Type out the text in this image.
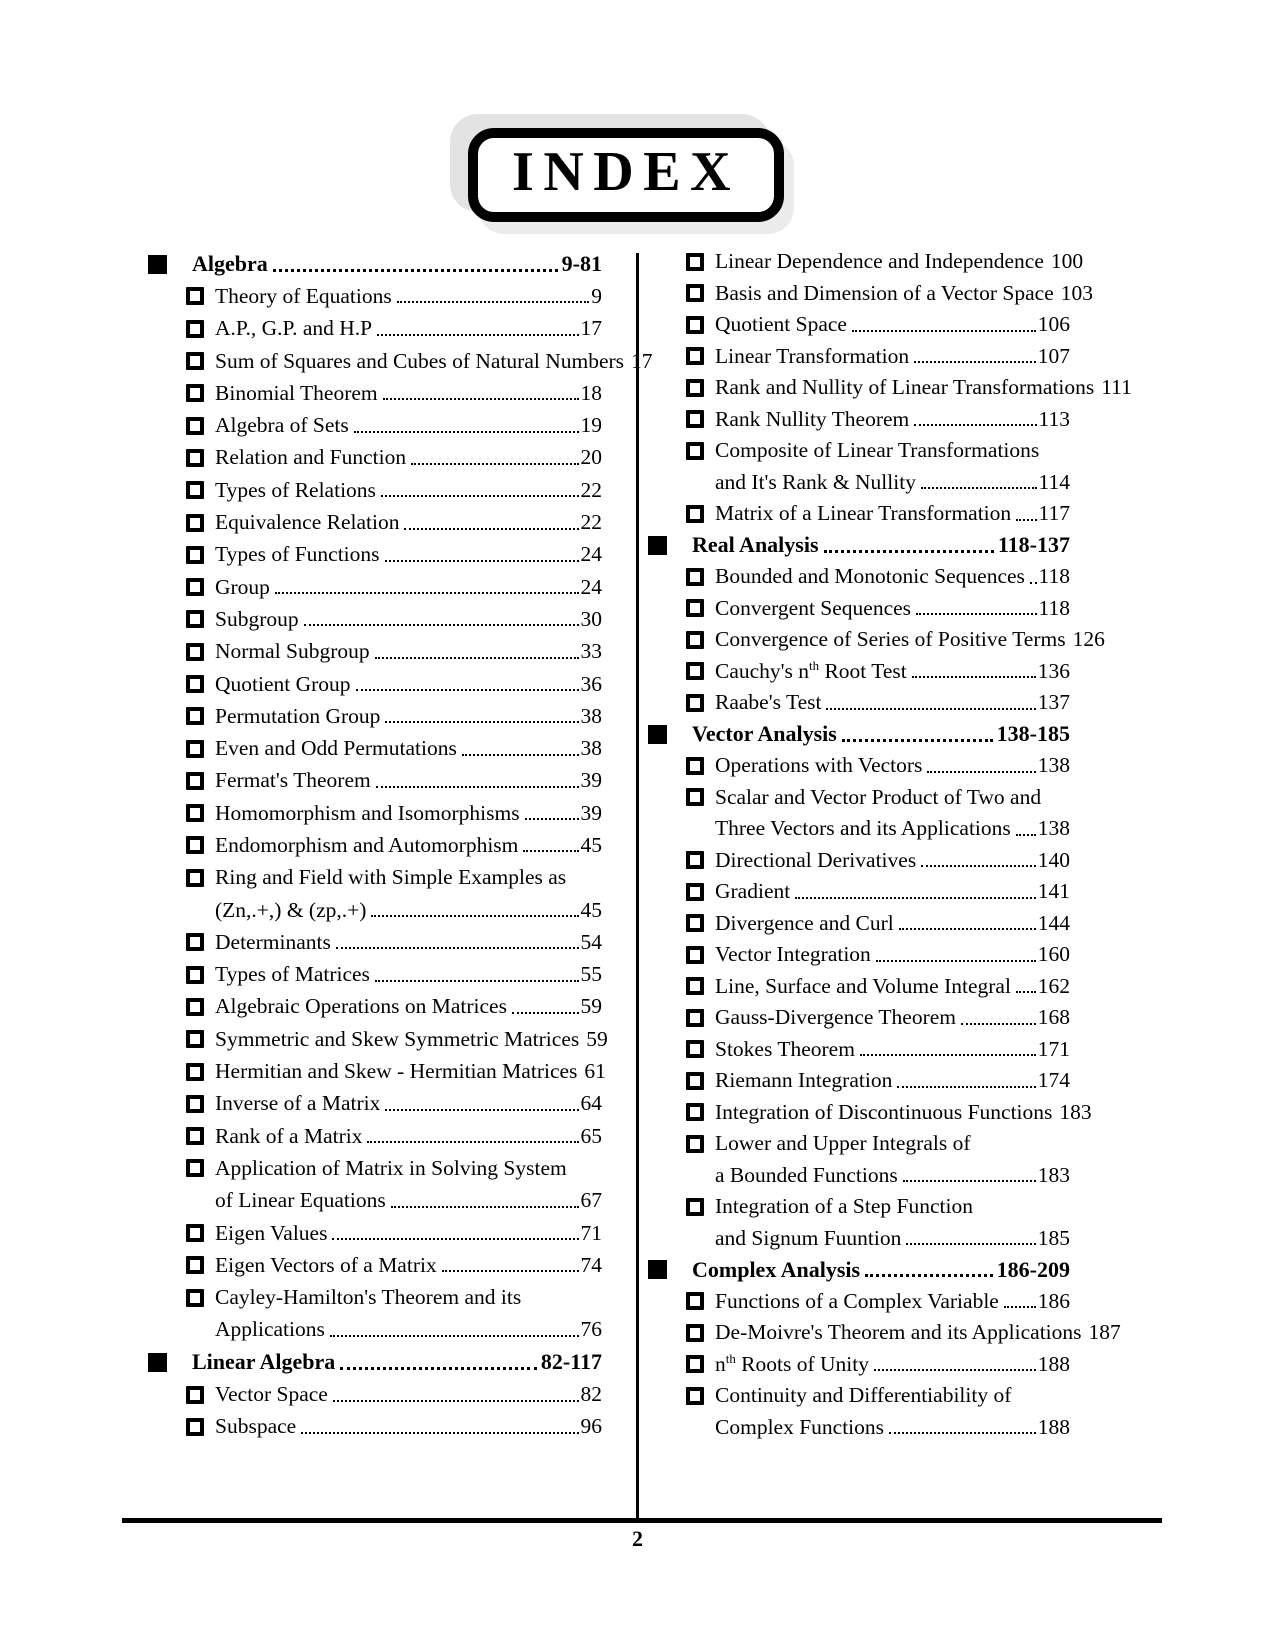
INDEX
Algebra	9-81
Theory of Equations	9
A.P., G.P. and H.P	17
Sum of Squares and Cubes of Natural Numbers 17
Binomial Theorem	18
Algebra of Sets	19
Relation and Function	20
Types of Relations	22
Equivalence Relation	22
Types of Functions	24
Group	24
Subgroup	30
Normal Subgroup	33
Quotient Group	36
Permutation Group	38
Even and Odd Permutations	38
Fermat's Theorem	39
Homomorphism and Isomorphisms	39
Endomorphism and Automorphism	45
Ring and Field with Simple Examples as
(Zn,.+,) & (zp,.+)	45
Determinants	54
Types of Matrices	55
Algebraic Operations on Matrices	59
Symmetric and Skew Symmetric Matrices 59
Hermitian and Skew - Hermitian Matrices 61
Inverse of a Matrix	64
Rank of a Matrix	65
Application of Matrix in Solving System
of Linear Equations	67
Eigen Values	71
Eigen Vectors of a Matrix	74
Cayley-Hamilton's Theorem and its
Applications	76
Linear Algebra	82-117
Vector Space	82
Subspace	96
Linear Dependence and Independence 100
Basis and Dimension of a Vector Space 103
Quotient Space	106
Linear Transformation	107
Rank and Nullity of Linear Transformations 111
Rank Nullity Theorem	113
Composite of Linear Transformations
and It's Rank & Nullity	114
Matrix of a Linear Transformation 117
Real Analysis	118-137
Bounded and Monotonic Sequences 118
Convergent Sequences	118
Convergence of Series of Positive Terms 126
Cauchy's $n^{th}$ Root Test	136
Raabe's Test	137
Vector Analysis	138-185
Operations with Vectors	138
Scalar and Vector Product of Two and
Three Vectors and its Applications 138
Directional Derivatives	140
Gradient	141
Divergence and Curl	144
Vector Integration	160
Line, Surface and Volume Integral 162
Gauss-Divergence Theorem	168
Stokes Theorem	171
Riemann Integration	174
Integration of Discontinuous Functions 183
Lower and Upper Integrals of
a Bounded Functions	183
Integration of a Step Function
and Signum Fuuntion	185
Complex Analysis	186-209
Functions of a Complex Variable 186
De-Moivre's Theorem and its Applications 187
$n^{th}$ Roots of Unity	188
Continuity and Differentiability of
Complex Functions	188
2
